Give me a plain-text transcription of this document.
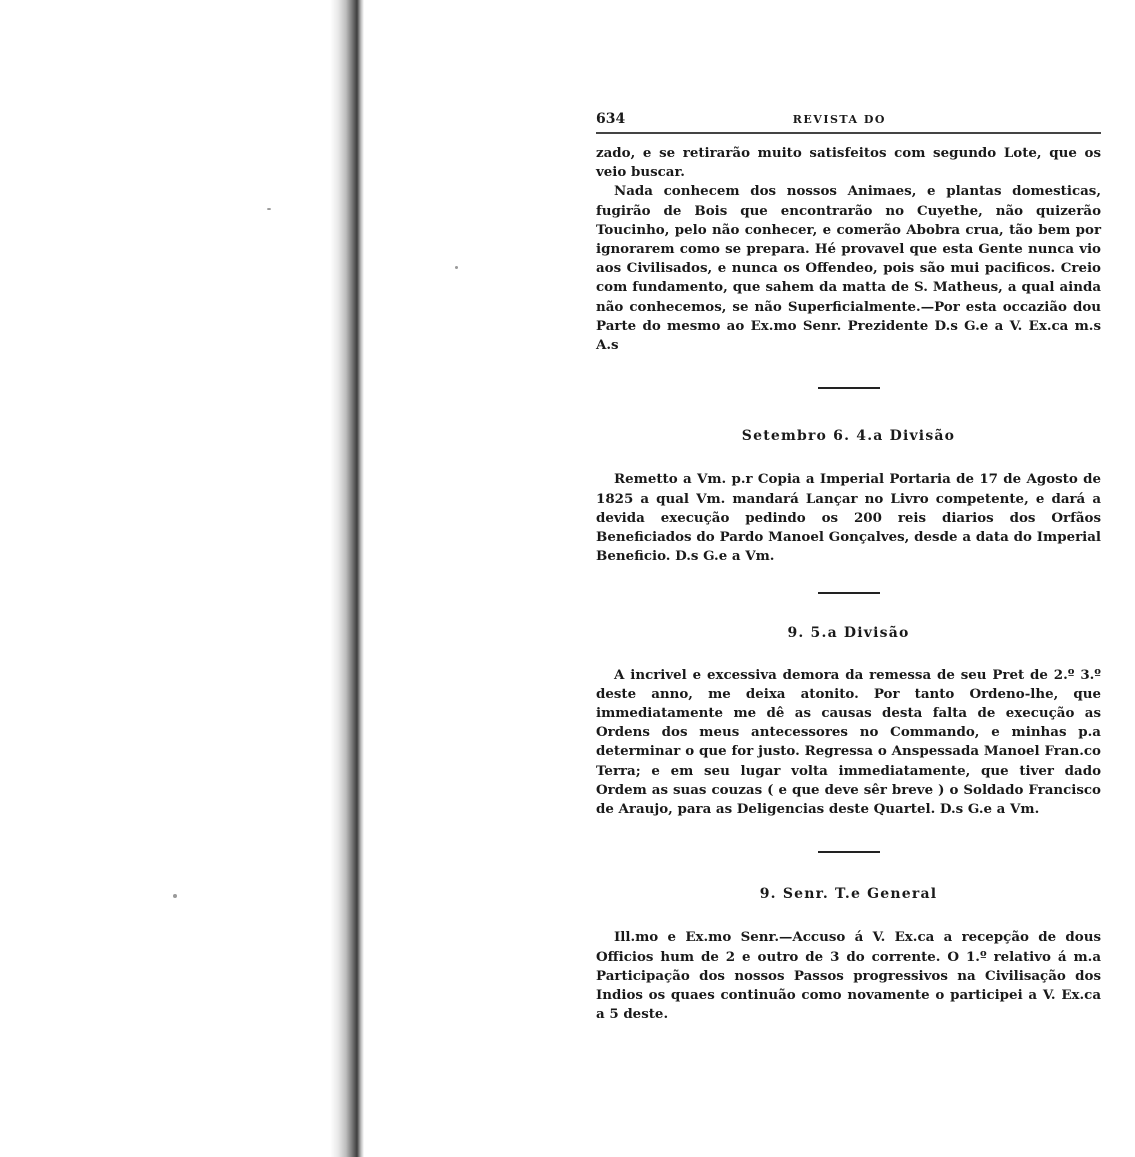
634	REVISTA DO

zado, e se retirarão muito satisfeitos com segundo Lote, que os veio buscar.

Nada conhecem dos nossos Animaes, e plantas domesticas, fugirão de Bois que encontrarão no Cuyethe, não quizerão Toucinho, pelo não conhecer, e comerão Abobra crua, tão bem por ignorarem como se prepara. Hé provavel que esta Gente nunca vio aos Civilisados, e nunca os Offendeo, pois são mui pacificos. Creio com fundamento, que sahem da matta de S. Matheus, a qual ainda não conhecemos, se não Superficialmente.—Por esta occazião dou Parte do mesmo ao Ex.mo Senr. Prezidente D.s G.e a V. Ex.ca m.s A.s

Setembro 6. 4.a Divisão

Remetto a Vm. p.r Copia a Imperial Portaria de 17 de Agosto de 1825 a qual Vm. mandará Lançar no Livro competente, e dará a devida execução pedindo os 200 reis diarios dos Orfãos Beneficiados do Pardo Manoel Gonçalves, desde a data do Imperial Beneficio. D.s G.e a Vm.

9. 5.a Divisão

A incrivel e excessiva demora da remessa de seu Pret de 2.º 3.º deste anno, me deixa atonito. Por tanto Ordeno-lhe, que immediatamente me dê as causas desta falta de execução as Ordens dos meus antecessores no Commando, e minhas p.a determinar o que for justo. Regressa o Anspessada Manoel Fran.co Terra; e em seu lugar volta immediatamente, que tiver dado Ordem as suas couzas ( e que deve sêr breve ) o Soldado Francisco de Araujo, para as Deligencias deste Quartel. D.s G.e a Vm.

9. Senr. T.e General

Ill.mo e Ex.mo Senr.—Accuso á V. Ex.ca a recepção de dous Officios hum de 2 e outro de 3 do corrente. O 1.º relativo á m.a Participação dos nossos Passos progressivos na Civilisação dos Indios os quaes continuão como novamente o participei a V. Ex.ca a 5 deste.
